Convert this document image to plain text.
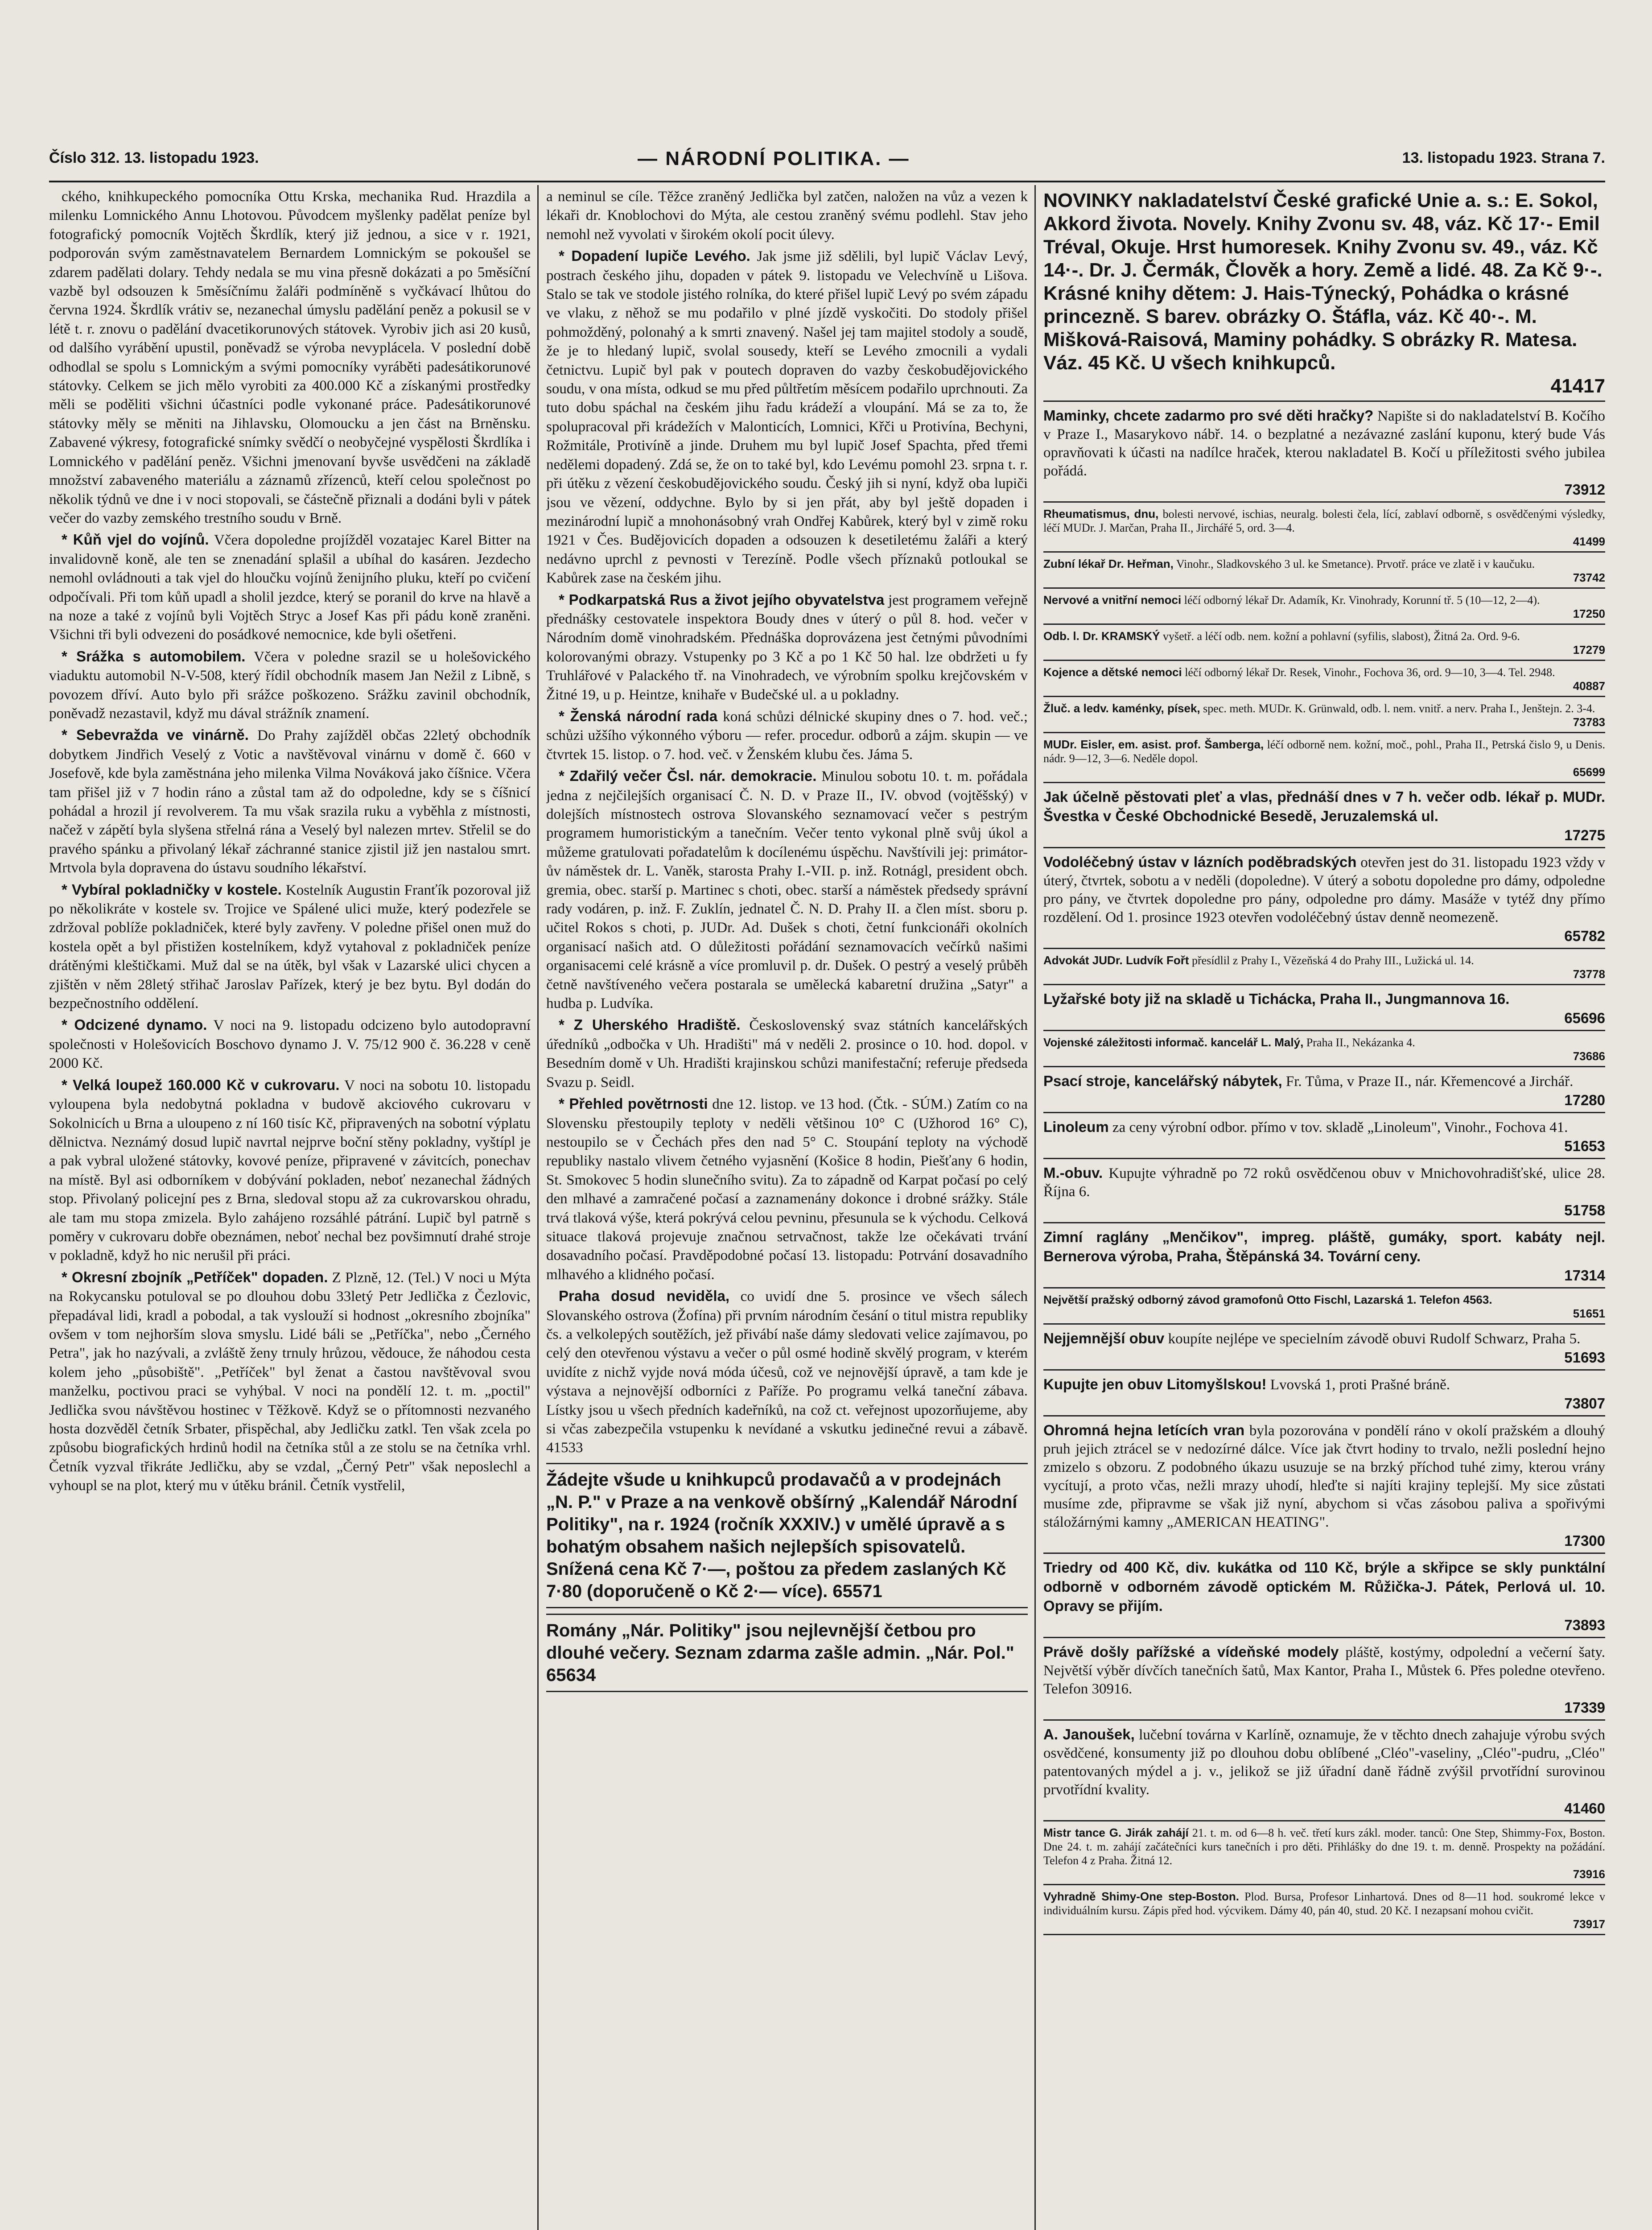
Číslo 312. 13. listopadu 1923.	— NÁRODNÍ POLITIKA. —	13. listopadu 1923. Strana 7.

ckého, knihkupeckého pomocníka Ottu Krska, mechanika Rud. Hrazdila a milenku Lomnického Annu Lhotovou. Původcem myšlenky padělat peníze byl fotografický pomocník Vojtěch Škrdlík, který již jednou, a sice v r. 1921, podporován svým zaměstnavatelem Bernardem Lomnickým se pokoušel se zdarem padělati dolary. Tehdy nedala se mu vina přesně dokázati a po 5měsíční vazbě byl odsouzen k 5měsíčnímu žaláři podmíněně s vyčkávací lhůtou do června 1924. Škrdlík vrátiv se, nezanechal úmyslu padělání peněz a pokusil se v létě t. r. znovu o padělání dvacetikorunových státovek. Vyrobiv jich asi 20 kusů, od dalšího vyrábění upustil, poněvadž se výroba nevyplácela. V poslední době odhodlal se spolu s Lomnickým a svými pomocníky vyráběti padesátikorunové státovky. Celkem se jich mělo vyrobiti za 400.000 Kč a získanými prostředky měli se poděliti všichni účastníci podle vykonané práce. Padesátikorunové státovky měly se měniti na Jihlavsku, Olomoucku a jen část na Brněnsku. Zabavené výkresy, fotografické snímky svědčí o neobyčejné vyspělosti Škrdlíka i Lomnického v padělání peněz. Všichni jmenovaní byvše usvědčeni na základě množství zabaveného materiálu a záznamů zřízenců, kteří celou společnost po několik týdnů ve dne i v noci stopovali, se částečně přiznali a dodáni byli v pátek večer do vazby zemského trestního soudu v Brně.

* Kůň vjel do vojínů. Včera dopoledne projížděl vozatajec Karel Bitter na invalidovně koně, ale ten se znenadání splašil a ubíhal do kasáren. Jezdecho nemohl ovládnouti a tak vjel do hloučku vojínů ženijního pluku, kteří po cvičení odpočívali. Při tom kůň upadl a sholil jezdce, který se poranil do krve na hlavě a na noze a také z vojínů byli Vojtěch Stryc a Josef Kas při pádu koně zraněni. Všichni tři byli odvezeni do posádkové nemocnice, kde byli ošetřeni.

* Srážka s automobilem. Včera v poledne srazil se u holešovického viaduktu automobil N-V-508, který řídil obchodník masem Jan Nežil z Libně, s povozem dříví. Auto bylo při srážce poškozeno. Srážku zavinil obchodník, poněvadž nezastavil, když mu dával strážník znamení.

* Sebevražda ve vinárně. Do Prahy zajížděl občas 22letý obchodník dobytkem Jindřich Veselý z Votic a navštěvoval vinárnu v domě č. 660 v Josefově, kde byla zaměstnána jeho milenka Vilma Nováková jako číšnice. Včera tam přišel již v 7 hodin ráno a zůstal tam až do odpoledne, kdy se s číšnicí pohádal a hrozil jí revolverem. Ta mu však srazila ruku a vyběhla z místnosti, načež v zápětí byla slyšena střelná rána a Veselý byl nalezen mrtev. Střelil se do pravého spánku a přivolaný lékař záchranné stanice zjistil již jen nastalou smrt. Mrtvola byla dopravena do ústavu soudního lékařství.

* Vybíral pokladničky v kostele. Kostelník Augustin Franťík pozoroval již po několikráte v kostele sv. Trojice ve Spálené ulici muže, který podezřele se zdržoval poblíže pokladniček, které byly zavřeny. V poledne přišel onen muž do kostela opět a byl přistižen kostelníkem, když vytahoval z pokladniček peníze drátěnými kleštičkami. Muž dal se na útěk, byl však v Lazarské ulici chycen a zjištěn v něm 28letý střihač Jaroslav Pařízek, který je bez bytu. Byl dodán do bezpečnostního oddělení.

* Odcizené dynamo. V noci na 9. listopadu odcizeno bylo autodopravní společnosti v Holešovicích Boschovo dynamo J. V. 75/12 900 č. 36.228 v ceně 2000 Kč.

* Velká loupež 160.000 Kč v cukrovaru. V noci na sobotu 10. listopadu vyloupena byla nedobytná pokladna v budově akciového cukrovaru v Sokolnicích u Brna a uloupeno z ní 160 tisíc Kč, připravených na sobotní výplatu dělnictva. Neznámý dosud lupič navrtal nejprve boční stěny pokladny, vyštípl je a pak vybral uložené státovky, kovové peníze, připravené v závitcích, ponechav na místě. Byl asi odborníkem v dobývání pokladen, neboť nezanechal žádných stop. Přivolaný policejní pes z Brna, sledoval stopu až za cukrovarskou ohradu, ale tam mu stopa zmizela. Bylo zahájeno rozsáhlé pátrání. Lupič byl patrně s poměry v cukrovaru dobře obeznámen, neboť nechal bez povšimnutí drahé stroje v pokladně, když ho nic nerušil při práci.

* Okresní zbojník „Petříček" dopaden. Z Plzně, 12. (Tel.) V noci u Mýta na Rokycansku potuloval se po dlouhou dobu 33letý Petr Jedlička z Čezlovic, přepadával lidi, kradl a pobodal, a tak vyslouží si hodnost „okresního zbojníka" ovšem v tom nejhorším slova smyslu. Lidé báli se „Petříčka", nebo „Černého Petra", jak ho nazývali, a zvláště ženy trnuly hrůzou, vědouce, že náhodou cesta kolem jeho „působiště". „Petříček" byl ženat a častou navštěvoval svou manželku, poctivou praci se vyhýbal. V noci na pondělí 12. t. m. „poctil" Jedlička svou návštěvou hostinec v Těžkově. Když se o přítomnosti nezvaného hosta dozvěděl četník Srbater, přispěchal, aby Jedličku zatkl. Ten však zcela po způsobu biografických hrdinů hodil na četníka stůl a ze stolu se na četníka vrhl. Četník vyzval třikráte Jedličku, aby se vzdal, „Černý Petr" však neposlechl a vyhoupl se na plot, který mu v útěku bránil. Četník vystřelil,

a neminul se cíle. Těžce zraněný Jedlička byl zatčen, naložen na vůz a vezen k lékaři dr. Knoblochovi do Mýta, ale cestou zraněný svému podlehl. Stav jeho nemohl než vyvolati v širokém okolí pocit úlevy.

* Dopadení lupiče Levého. Jak jsme již sdělili, byl lupič Václav Levý, postrach českého jihu, dopaden v pátek 9. listopadu ve Velechvíně u Lišova. Stalo se tak ve stodole jistého rolníka, do které přišel lupič Levý po svém západu ve vlaku, z něhož se mu podařilo v plné jízdě vyskočiti. Do stodoly přišel pohmožděný, polonahý a k smrti znavený. Našel jej tam majitel stodoly a soudě, že je to hledaný lupič, svolal sousedy, kteří se Levého zmocnili a vydali četnictvu. Lupič byl pak v poutech dopraven do vazby českobudějovického soudu, v ona místa, odkud se mu před půltřetím měsícem podařilo uprchnouti. Za tuto dobu spáchal na českém jihu řadu krádeží a vloupání. Má se za to, že spolupracoval při krádežích v Malonticích, Lomnici, Křči u Protivína, Bechyni, Rožmitále, Protivíně a jinde. Druhem mu byl lupič Josef Spachta, před třemi nedělemi dopadený. Zdá se, že on to také byl, kdo Levému pomohl 23. srpna t. r. při útěku z vězení českobudějovického soudu. Český jih si nyní, když oba lupiči jsou ve vězení, oddychne. Bylo by si jen přát, aby byl ještě dopaden i mezinárodní lupič a mnohonásobný vrah Ondřej Kabůrek, který byl v zimě roku 1921 v Čes. Budějovicích dopaden a odsouzen k desetiletému žaláři a který nedávno uprchl z pevnosti v Terezíně. Podle všech příznaků potloukal se Kabůrek zase na českém jihu.

* Podkarpatská Rus a život jejího obyvatelstva jest programem veřejně přednášky cestovatele inspektora Boudy dnes v úterý o půl 8. hod. večer v Národním domě vinohradském. Přednáška doprovázena jest četnými původními kolorovanými obrazy. Vstupenky po 3 Kč a po 1 Kč 50 hal. lze obdržeti u fy Truhlářové v Palackého tř. na Vinohradech, ve výrobním spolku krejčovském v Žitné 19, u p. Heintze, knihaře v Budečské ul. a u pokladny.

* Ženská národní rada koná schůzi délnické skupiny dnes o 7. hod. več.; schůzi užšího výkonného výboru — refer. procedur. odborů a zájm. skupin — ve čtvrtek 15. listop. o 7. hod. več. v Ženském klubu čes. Jáma 5.

* Zdařilý večer Čsl. nár. demokracie. Minulou sobotu 10. t. m. pořádala jedna z nejčilejších organisací Č. N. D. v Praze II., IV. obvod (vojtěšský) v dolejších místnostech ostrova Slovanského seznamovací večer s pestrým programem humoristickým a tanečním. Večer tento vykonal plně svůj úkol a můžeme gratulovati pořadatelům k docílenému úspěchu. Navštívili jej: primátor-ův náměstek dr. L. Vaněk, starosta Prahy I.-VII. p. inž. Rotnágl, president obch. gremia, obec. starší p. Martinec s choti, obec. starší a náměstek předsedy správní rady vodáren, p. inž. F. Zuklín, jednatel Č. N. D. Prahy II. a člen míst. sboru p. učitel Rokos s choti, p. JUDr. Ad. Dušek s choti, četní funkcionáři okolních organisací našich atd. O důležitosti pořádání seznamovacích večírků našimi organisacemi celé krásně a více promluvil p. dr. Dušek. O pestrý a veselý průběh četně navštíveného večera postarala se umělecká kabaretní družina „Satyr" a hudba p. Ludvíka.

* Z Uherského Hradiště. Československý svaz státních kancelářských úředníků „odbočka v Uh. Hradišti" má v neděli 2. prosince o 10. hod. dopol. v Besedním domě v Uh. Hradišti krajinskou schůzi manifestační; referuje předseda Svazu p. Seidl.

* Přehled povětrnosti dne 12. listop. ve 13 hod. (Čtk. - SÚM.) Zatím co na Slovensku přestoupily teploty v neděli většinou 10° C (Užhorod 16° C), nestoupilo se v Čechách přes den nad 5° C. Stoupání teploty na východě republiky nastalo vlivem četného vyjasnění (Košice 8 hodin, Piešťany 6 hodin, St. Smokovec 5 hodin slunečního svitu). Za to západně od Karpat počasí po celý den mlhavé a zamračené počasí a zaznamenány dokonce i drobné srážky. Stále trvá tlaková výše, která pokrývá celou pevninu, přesunula se k východu. Celková situace tlaková projevuje značnou setrvačnost, takže lze očekávati trvání dosavadního počasí. Pravděpodobné počasí 13. listopadu: Potrvání dosavadního mlhavého a klidného počasí.

Praha dosud neviděla, co uvidí dne 5. prosince ve všech sálech Slovanského ostrova (Žofína) při prvním národním česání o titul mistra republiky čs. a velkolepých soutěžích, jež přivábí naše dámy sledovati velice zajímavou, po celý den otevřenou výstavu a večer o půl osmé hodině skvělý program, v kterém uvidíte z nichž vyjde nová móda účesů, což ve nejnovější úpravě, a tam kde je výstava a nejnovější odborníci z Paříže. Po programu velká taneční zábava. Lístky jsou u všech předních kadeřníků, na což ct. veřejnost upozorňujeme, aby si včas zabezpečila vstupenku k nevídané a vskutku jedinečné revui a zábavě. 41533

Žádejte všude u knihkupců prodavačů a v prodejnách „N. P." v Praze a na venkově obšírný „Kalendář Národní Politiky", na r. 1924 (ročník XXXIV.) v umělé úpravě a s bohatým obsahem našich nejlepších spisovatelů. Snížená cena Kč 7·—, poštou za předem zaslaných Kč 7·80 (doporučeně o Kč 2·— více). 65571
Romány „Nár. Politiky" jsou nejlevnější četbou pro dlouhé večery. Seznam zdarma zašle admin. „Nár. Pol." 65634
NOVINKY nakladatelství České grafické Unie a. s.: E. Sokol, Akkord života. Novely. Knihy Zvonu sv. 48, váz. Kč 17·- Emil Tréval, Okuje. Hrst humoresek. Knihy Zvonu sv. 49., váz. Kč 14·-. Dr. J. Čermák, Člověk a hory. Země a lidé. 48. Za Kč 9·-. Krásné knihy dětem: J. Hais-Týnecký, Pohádka o krásné princezně. S barev. obrázky O. Štáfla, váz. Kč 40·-. M. Mišková-Raisová, Maminy pohádky. S obrázky R. Matesa. Váz. 45 Kč. U všech knihkupců.
41417
Maminky, chcete zadarmo pro své děti hračky? Napište si do nakladatelství B. Kočího v Praze I., Masarykovo nábř. 14. o bezplatné a nezávazné zaslání kuponu, který bude Vás opravňovati k účasti na nadílce hraček, kterou nakladatel B. Kočí u příležitosti svého jubilea pořádá.
73912
Rheumatismus, dnu, bolesti nervové, ischias, neuralg. bolesti čela, lící, zablaví odborně, s osvědčenými výsledky, léčí MUDr. J. Marčan, Praha II., Jirchářé 5, ord. 3—4.
41499
Zubní lékař Dr. Heřman, Vinohr., Sladkovského 3 ul. ke Smetance). Prvotř. práce ve zlatě i v kaučuku.
73742
Nervové a vnitřní nemoci léčí odborný lékař Dr. Adamík, Kr. Vinohrady, Korunní tř. 5 (10—12, 2—4).
17250
Odb. l. Dr. KRAMSKÝ vyšetř. a léčí odb. nem. kožní a pohlavní (syfilis, slabost), Žitná 2a. Ord. 9-6.
17279
Kojence a dětské nemoci léčí odborný lékař Dr. Resek, Vinohr., Fochova 36, ord. 9—10, 3—4. Tel. 2948.
40887
Žluč. a ledv. kaménky, písek, spec. meth. MUDr. K. Grünwald, odb. l. nem. vnitř. a nerv. Praha I., Jenštejn. 2. 3-4.
73783
MUDr. Eisler, em. asist. prof. Šamberga, léčí odborně nem. kožní, moč., pohl., Praha II., Petrská čislo 9, u Denis. nádr. 9—12, 3—6. Neděle dopol.
65699
Jak účelně pěstovati pleť a vlas, přednáší dnes v 7 h. večer odb. lékař p. MUDr. Švestka v České Obchodnické Besedě, Jeruzalemská ul.
17275
Vodoléčebný ústav v lázních poděbradských otevřen jest do 31. listopadu 1923 vždy v úterý, čtvrtek, sobotu a v neděli (dopoledne). V úterý a sobotu dopoledne pro dámy, odpoledne pro pány, ve čtvrtek dopoledne pro pány, odpoledne pro dámy. Masáže v tytéž dny přímo rozdělení. Od 1. prosince 1923 otevřen vodoléčebný ústav denně neomezeně.
65782
Advokát JUDr. Ludvík Fořt přesídlil z Prahy I., Vězeňská 4 do Prahy III., Lužická ul. 14.
73778
Lyžařské boty již na skladě u Tichácka, Praha II., Jungmannova 16.
65696
Vojenské záležitosti informač. kancelář L. Malý, Praha II., Nekázanka 4.
73686
Psací stroje, kancelářský nábytek, Fr. Tůma, v Praze II., nár. Křemencové a Jirchář.
17280
Linoleum za ceny výrobní odbor. přímo v tov. skladě „Linoleum", Vinohr., Fochova 41.
51653
M.-obuv. Kupujte výhradně po 72 roků osvědčenou obuv v Mnichovohradišťské, ulice 28. Října 6.
51758
Zimní raglány „Menčikov", impreg. pláště, gumáky, sport. kabáty nejl. Bernerova výroba, Praha, Štěpánská 34. Tovární ceny.
17314
Největší pražský odborný závod gramofonů Otto Fischl, Lazarská 1. Telefon 4563.
51651
Nejjemnější obuv koupíte nejlépe ve specielním závodě obuvi Rudolf Schwarz, Praha 5.
51693
Kupujte jen obuv Litomyšlskou! Lvovská 1, proti Prašné bráně.
73807
Ohromná hejna letících vran byla pozorována v pondělí ráno v okolí pražském a dlouhý pruh jejich ztrácel se v nedozírné dálce. Více jak čtvrt hodiny to trvalo, nežli poslední hejno zmizelo s obzoru. Z podobného úkazu usuzuje se na brzký příchod tuhé zimy, kterou vrány vycítují, a proto včas, nežli mrazy uhodí, hleďte si najíti krajiny teplejší. My sice zůstati musíme zde, připravme se však již nyní, abychom si včas zásobou paliva a spořivými stáložárnými kamny „AMERICAN HEATING".
17300
Triedry od 400 Kč, div. kukátka od 110 Kč, brýle a skřipce se skly punktální odborně v odborném závodě optickém M. Růžička-J. Pátek, Perlová ul. 10. Opravy se přijím.
73893
Právě došly pařížské a vídeňské modely pláště, kostýmy, odpolední a večerní šaty. Největší výběr dívčích tanečních šatů, Max Kantor, Praha I., Můstek 6. Přes poledne otevřeno. Telefon 30916.
17339
A. Janoušek, lučební továrna v Karlíně, oznamuje, že v těchto dnech zahajuje výrobu svých osvědčené, konsumenty již po dlouhou dobu oblíbené „Cléo"-vaseliny, „Cléo"-pudru, „Cléo" patentovaných mýdel a j. v., jelikož se již úřadní daně řádně zvýšil prvotřídní surovinou prvotřídní kvality.
41460
Mistr tance G. Jirák zahájí 21. t. m. od 6—8 h. več. třetí kurs zákl. moder. tanců: One Step, Shimmy-Fox, Boston. Dne 24. t. m. zahájí začátečníci kurs tanečních i pro děti. Přihlášky do dne 19. t. m. denně. Prospekty na požádání. Telefon 4 z Praha. Žitná 12.
73916
Vyhradně Shimy-One step-Boston. Plod. Bursa, Profesor Linhartová. Dnes od 8—11 hod. soukromé lekce v individuálním kursu. Zápis před hod. výcvikem. Dámy 40, pán 40, stud. 20 Kč. I nezapsaní mohou cvičit.
73917
